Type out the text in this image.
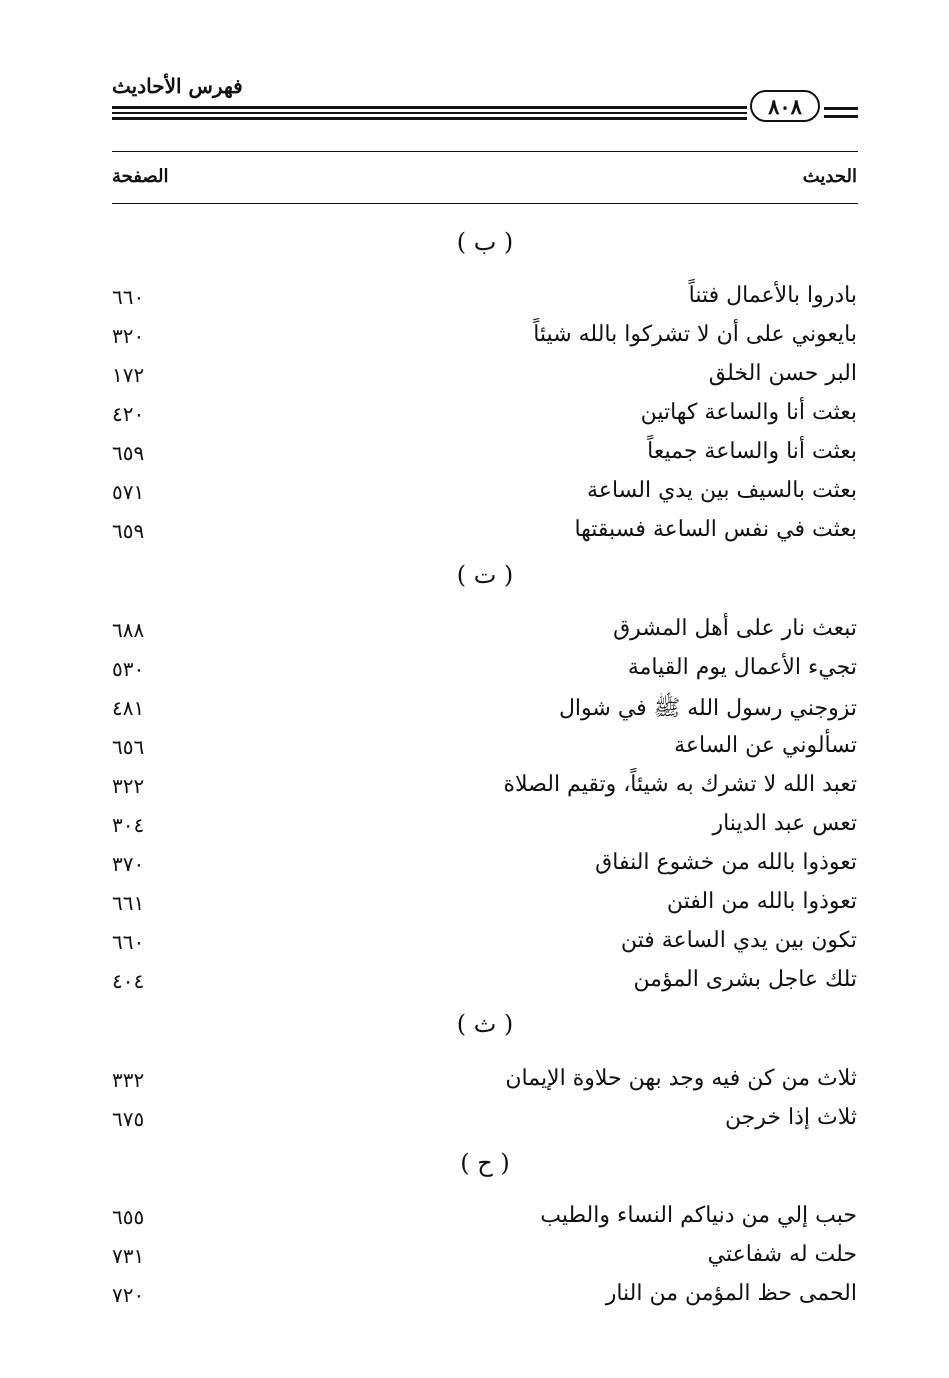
فهرس الأحاديث
٨٠٨
الحديث
الصفحة
( ب )
بادروا بالأعمال فتناً
٦٦٠
بايعوني على أن لا تشركوا بالله شيئاً
٣٢٠
البر حسن الخلق
١٧٢
بعثت أنا والساعة كهاتين
٤٢٠
بعثت أنا والساعة جميعاً
٦٥٩
بعثت بالسيف بين يدي الساعة
٥٧١
بعثت في نفس الساعة فسبقتها
٦٥٩
( ت )
تبعث نار على أهل المشرق
٦٨٨
تجيء الأعمال يوم القيامة
٥٣٠
تزوجني رسول الله ﷺ في شوال
٤٨١
تسألوني عن الساعة
٦٥٦
تعبد الله لا تشرك به شيئاً، وتقيم الصلاة
٣٢٢
تعس عبد الدينار
٣٠٤
تعوذوا بالله من خشوع النفاق
٣٧٠
تعوذوا بالله من الفتن
٦٦١
تكون بين يدي الساعة فتن
٦٦٠
تلك عاجل بشرى المؤمن
٤٠٤
( ث )
ثلاث من كن فيه وجد بهن حلاوة الإيمان
٣٣٢
ثلاث إذا خرجن
٦٧٥
( ح )
حبب إلي من دنياكم النساء والطيب
٦٥٥
حلت له شفاعتي
٧٣١
الحمى حظ المؤمن من النار
٧٢٠
